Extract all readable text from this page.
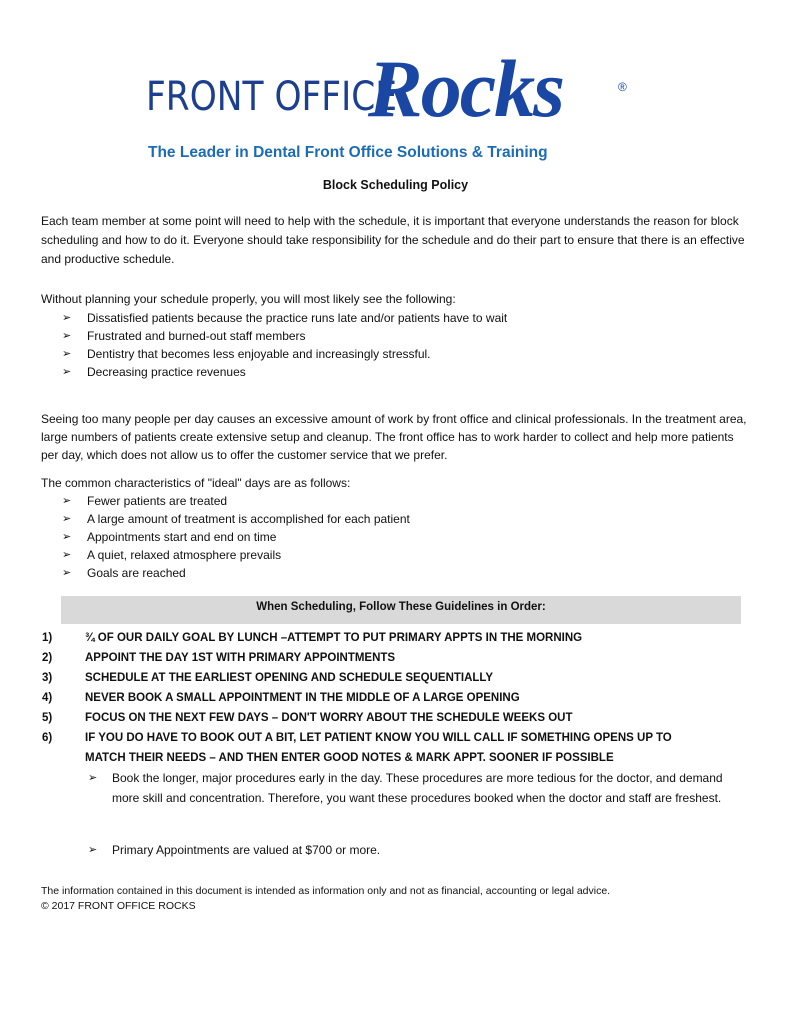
FRONT OFFICE
Rocks	®
The Leader in Dental Front Office Solutions & Training
Block Scheduling Policy
Each team member at some point will need to help with the schedule, it is important that everyone understands the reason for block scheduling and how to do it. Everyone should take responsibility for the schedule and do their part to ensure that there is an effective and productive schedule.
Without planning your schedule properly, you will most likely see the following:
➢ Dissatisfied patients because the practice runs late and/or patients have to wait
➢ Frustrated and burned-out staff members
➢ Dentistry that becomes less enjoyable and increasingly stressful.
➢ Decreasing practice revenues
Seeing too many people per day causes an excessive amount of work by front office and clinical professionals. In the treatment area, large numbers of patients create extensive setup and cleanup. The front office has to work harder to collect and help more patients per day, which does not allow us to offer the customer service that we prefer.
The common characteristics of "ideal" days are as follows:
➢ Fewer patients are treated
➢ A large amount of treatment is accomplished for each patient
➢ Appointments start and end on time
➢ A quiet, relaxed atmosphere prevails
➢ Goals are reached
When Scheduling, Follow These Guidelines in Order:
1)	¾ OF OUR DAILY GOAL BY LUNCH –ATTEMPT TO PUT PRIMARY APPTS IN THE MORNING
2)	APPOINT THE DAY 1ST WITH PRIMARY APPOINTMENTS
3)	SCHEDULE AT THE EARLIEST OPENING AND SCHEDULE SEQUENTIALLY
4)	NEVER BOOK A SMALL APPOINTMENT IN THE MIDDLE OF A LARGE OPENING
5)	FOCUS ON THE NEXT FEW DAYS – DON'T WORRY ABOUT THE SCHEDULE WEEKS OUT
6)	IF YOU DO HAVE TO BOOK OUT A BIT, LET PATIENT KNOW YOU WILL CALL IF SOMETHING OPENS UP TO
MATCH THEIR NEEDS – AND THEN ENTER GOOD NOTES & MARK APPT. SOONER IF POSSIBLE
➢	Book the longer, major procedures early in the day. These procedures are more tedious for the doctor, and demand more skill and concentration. Therefore, you want these procedures booked when the doctor and staff are freshest.
➢	Primary Appointments are valued at $700 or more.
The information contained in this document is intended as information only and not as financial, accounting or legal advice.
© 2017 FRONT OFFICE ROCKS
